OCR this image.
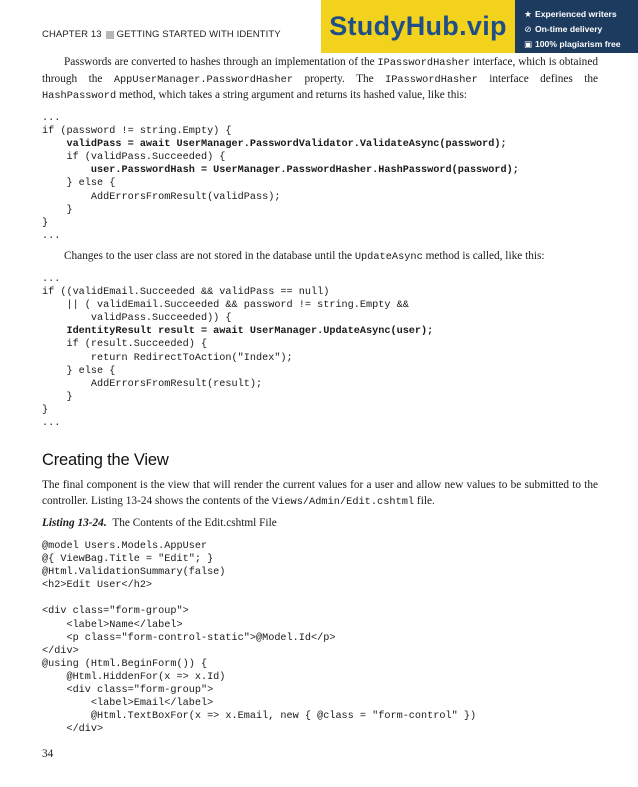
CHAPTER 13 GETTING STARTED WITH IDENTITY	StudyHub.vip	★ Experienced writers
⊘ On-time delivery
▣ 100% plagiarism free

Passwords are converted to hashes through an implementation of the IPasswordHasher interface, which is obtained through the AppUserManager.PasswordHasher property. The IPasswordHasher interface defines the HashPassword method, which takes a string argument and returns its hashed value, like this:

...
if (password != string.Empty) {
validPass = await UserManager.PasswordValidator.ValidateAsync(password);
if (validPass.Succeeded) {
user.PasswordHash = UserManager.PasswordHasher.HashPassword(password);
} else {
AddErrorsFromResult(validPass);
}
}
...

Changes to the user class are not stored in the database until the UpdateAsync method is called, like this:

...
if ((validEmail.Succeeded && validPass == null)
|| ( validEmail.Succeeded && password != string.Empty &&
validPass.Succeeded)) {
IdentityResult result = await UserManager.UpdateAsync(user);
if (result.Succeeded) {
return RedirectToAction("Index");
} else {
AddErrorsFromResult(result);
}
}
...
Creating the View

The final component is the view that will render the current values for a user and allow new values to be submitted to the controller. Listing 13-24 shows the contents of the Views/Admin/Edit.cshtml file.

Listing 13-24. The Contents of the Edit.cshtml File
@model Users.Models.AppUser
@{ ViewBag.Title = "Edit"; }
@Html.ValidationSummary(false)
<h2>Edit User</h2>
<div class="form-group">
<label>Name</label>
<p class="form-control-static">@Model.Id</p>
</div>
@using (Html.BeginForm()) {
@Html.HiddenFor(x => x.Id)
<div class="form-group">
<label>Email</label>
@Html.TextBoxFor(x => x.Email, new { @class = "form-control" })
</div>
34
